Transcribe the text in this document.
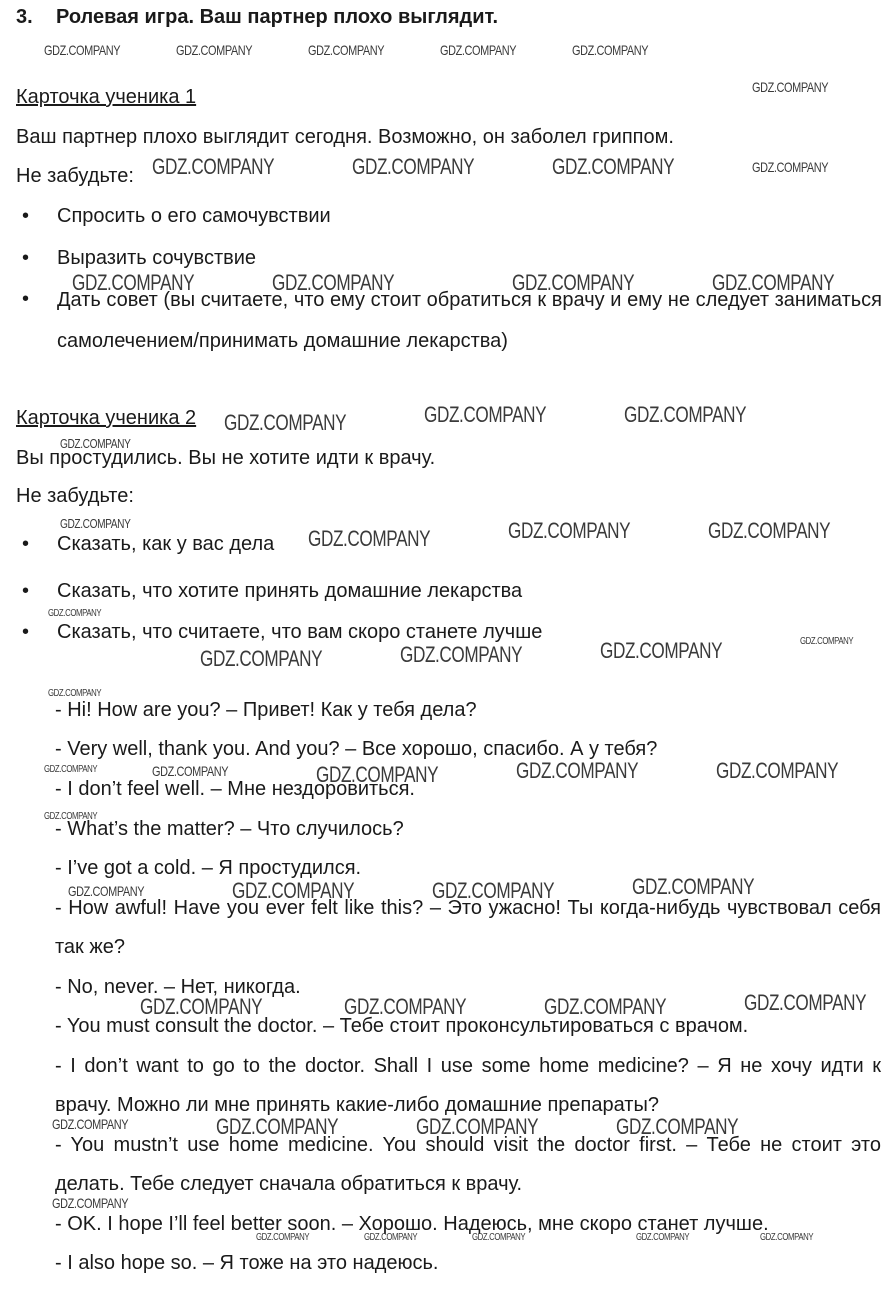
3. Ролевая игра. Ваш партнер плохо выглядит.
Карточка ученика 1
Ваш партнер плохо выглядит сегодня. Возможно, он заболел гриппом.
Не забудьте:
• Спросить о его самочувствии
• Выразить сочувствие
• Дать совет (вы считаете, что ему стоит обратиться к врачу и ему не следует заниматься самолечением/принимать домашние лекарства)
Карточка ученика 2
Вы простудились. Вы не хотите идти к врачу.
Не забудьте:
• Сказать, как у вас дела
• Сказать, что хотите принять домашние лекарства
• Сказать, что считаете, что вам скоро станете лучше
- Hi! How are you? – Привет! Как у тебя дела?
- Very well, thank you. And you? – Все хорошо, спасибо. А у тебя?
- I don’t feel well. – Мне нездоровиться.
- What’s the matter? – Что случилось?
- I’ve got a cold. – Я простудился.
- How awful! Have you ever felt like this? – Это ужасно! Ты когда-нибудь чувствовал себя так же?
- No, never. – Нет, никогда.
- You must consult the doctor. – Тебе стоит проконсультироваться с врачом.
- I don’t want to go to the doctor. Shall I use some home medicine? – Я не хочу идти к врачу. Можно ли мне принять какие-либо домашние препараты?
- You mustn’t use home medicine. You should visit the doctor first. – Тебе не стоит это делать. Тебе следует сначала обратиться к врачу.
- OK. I hope I’ll feel better soon. – Хорошо. Надеюсь, мне скоро станет лучше.
- I also hope so. – Я тоже на это надеюсь.
GDZ.COMPANY	GDZ.COMPANY	GDZ.COMPANY	GDZ.COMPANY	GDZ.COMPANY
GDZ.COMPANY
GDZ.COMPANY	GDZ.COMPANY	GDZ.COMPANY	GDZ.COMPANY
GDZ.COMPANY	GDZ.COMPANY	GDZ.COMPANY	GDZ.COMPANY
GDZ.COMPANY	GDZ.COMPANY	GDZ.COMPANY
GDZ.COMPANY
GDZ.COMPANY
GDZ.COMPANY	GDZ.COMPANY	GDZ.COMPANY
GDZ.COMPANY
GDZ.COMPANY
GDZ.COMPANY	GDZ.COMPANY	GDZ.COMPANY
GDZ.COMPANY
GDZ.COMPANY	GDZ.COMPANY	GDZ.COMPANY	GDZ.COMPANY	GDZ.COMPANY
GDZ.COMPANY
GDZ.COMPANY	GDZ.COMPANY	GDZ.COMPANY	GDZ.COMPANY
GDZ.COMPANY	GDZ.COMPANY	GDZ.COMPANY	GDZ.COMPANY
GDZ.COMPANY	GDZ.COMPANY	GDZ.COMPANY	GDZ.COMPANY
GDZ.COMPANY
GDZ.COMPANY	GDZ.COMPANY	GDZ.COMPANY	GDZ.COMPANY	GDZ.COMPANY
